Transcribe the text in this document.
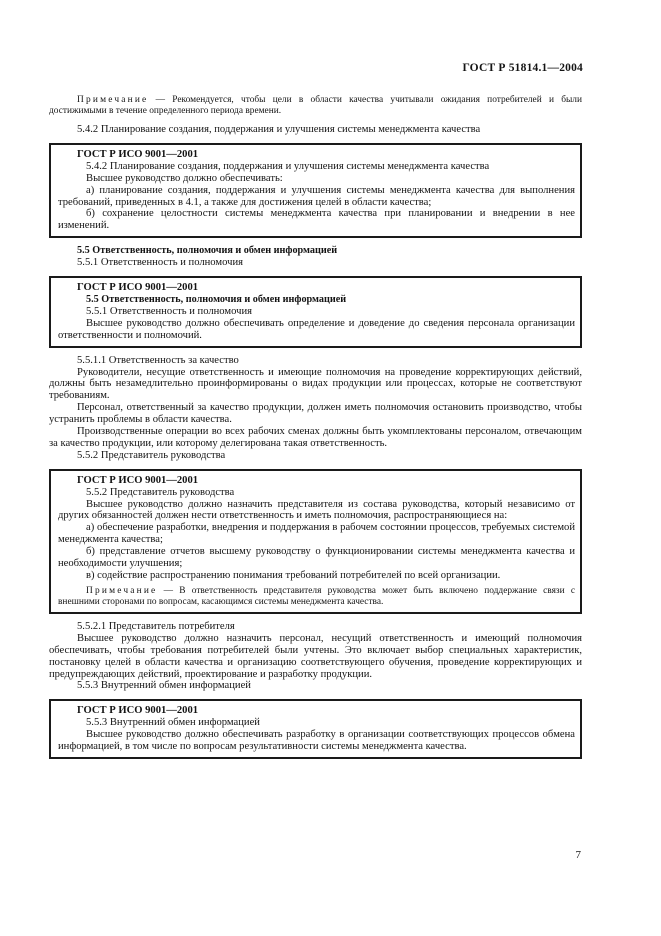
ГОСТ Р 51814.1—2004

Примечание — Рекомендуется, чтобы цели в области качества учитывали ожидания потребителей и были достижимыми в течение определенного периода времени.

5.4.2 Планирование создания, поддержания и улучшения системы менеджмента качества

ГОСТ Р ИСО 9001—2001

5.4.2 Планирование создания, поддержания и улучшения системы менеджмента качества

Высшее руководство должно обеспечивать:

а) планирование создания, поддержания и улучшения системы менеджмента качества для выполнения требований, приведенных в 4.1, а также для достижения целей в области качества;

б) сохранение целостности системы менеджмента качества при планировании и внедрении в нее изменений.

5.5 Ответственность, полномочия и обмен информацией

5.5.1 Ответственность и полномочия

ГОСТ Р ИСО 9001—2001

5.5 Ответственность, полномочия и обмен информацией

5.5.1 Ответственность и полномочия

Высшее руководство должно обеспечивать определение и доведение до сведения персонала организации ответственности и полномочий.

5.5.1.1 Ответственность за качество

Руководители, несущие ответственность и имеющие полномочия на проведение корректирующих действий, должны быть незамедлительно проинформированы о видах продукции или процессах, которые не соответствуют требованиям.

Персонал, ответственный за качество продукции, должен иметь полномочия остановить производство, чтобы устранить проблемы в области качества.

Производственные операции во всех рабочих сменах должны быть укомплектованы персоналом, отвечающим за качество продукции, или которому делегирована такая ответственность.

5.5.2 Представитель руководства

ГОСТ Р ИСО 9001—2001

5.5.2 Представитель руководства

Высшее руководство должно назначить представителя из состава руководства, который независимо от других обязанностей должен нести ответственность и иметь полномочия, распространяющиеся на:

а) обеспечение разработки, внедрения и поддержания в рабочем состоянии процессов, требуемых системой менеджмента качества;

б) представление отчетов высшему руководству о функционировании системы менеджмента качества и необходимости улучшения;

в) содействие распространению понимания требований потребителей по всей организации.

Примечание — В ответственность представителя руководства может быть включено поддержание связи с внешними сторонами по вопросам, касающимся системы менеджмента качества.

5.5.2.1 Представитель потребителя

Высшее руководство должно назначить персонал, несущий ответственность и имеющий полномочия обеспечивать, чтобы требования потребителей были учтены. Это включает выбор специальных характеристик, постановку целей в области качества и организацию соответствующего обучения, проведение корректирующих и предупреждающих действий, проектирование и разработку продукции.

5.5.3 Внутренний обмен информацией

ГОСТ Р ИСО 9001—2001

5.5.3 Внутренний обмен информацией

Высшее руководство должно обеспечивать разработку в организации соответствующих процессов обмена информацией, в том числе по вопросам результативности системы менеджмента качества.

7
